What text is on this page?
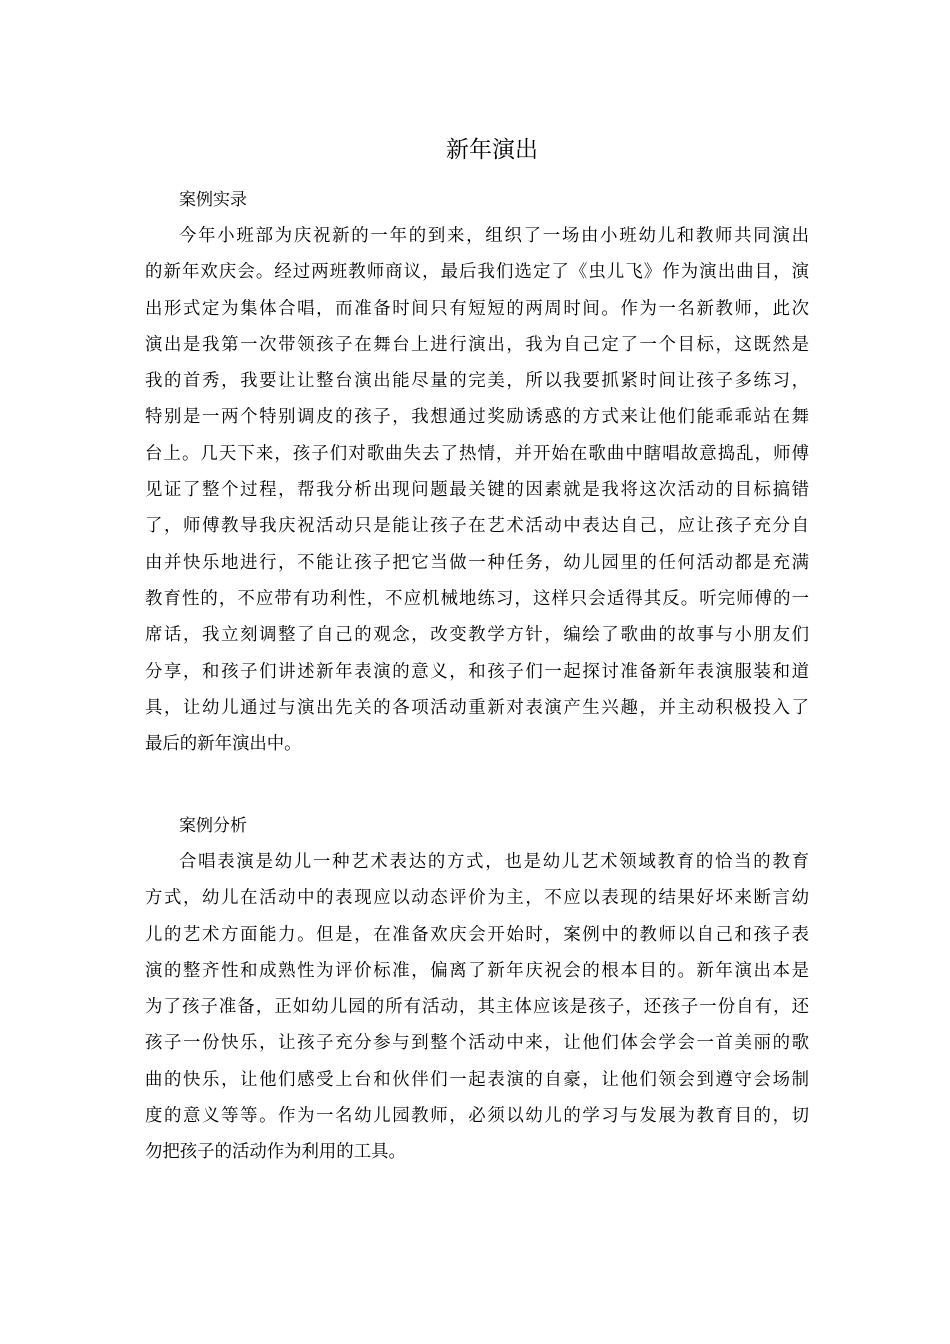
新年演出
案例实录
今年小班部为庆祝新的一年的到来，组织了一场由小班幼儿和教师共同演出
的新年欢庆会。经过两班教师商议，最后我们选定了《虫儿飞》作为演出曲目，演
出形式定为集体合唱，而准备时间只有短短的两周时间。作为一名新教师，此次
演出是我第一次带领孩子在舞台上进行演出，我为自己定了一个目标，这既然是
我的首秀，我要让让整台演出能尽量的完美，所以我要抓紧时间让孩子多练习，
特别是一两个特别调皮的孩子，我想通过奖励诱惑的方式来让他们能乖乖站在舞
台上。几天下来，孩子们对歌曲失去了热情，并开始在歌曲中瞎唱故意捣乱，师傅
见证了整个过程，帮我分析出现问题最关键的因素就是我将这次活动的目标搞错
了，师傅教导我庆祝活动只是能让孩子在艺术活动中表达自己，应让孩子充分自
由并快乐地进行，不能让孩子把它当做一种任务，幼儿园里的任何活动都是充满
教育性的，不应带有功利性，不应机械地练习，这样只会适得其反。听完师傅的一
席话，我立刻调整了自己的观念，改变教学方针，编绘了歌曲的故事与小朋友们
分享，和孩子们讲述新年表演的意义，和孩子们一起探讨准备新年表演服装和道
具，让幼儿通过与演出先关的各项活动重新对表演产生兴趣，并主动积极投入了
最后的新年演出中。
案例分析
合唱表演是幼儿一种艺术表达的方式，也是幼儿艺术领域教育的恰当的教育
方式，幼儿在活动中的表现应以动态评价为主，不应以表现的结果好坏来断言幼
儿的艺术方面能力。但是，在准备欢庆会开始时，案例中的教师以自己和孩子表
演的整齐性和成熟性为评价标准，偏离了新年庆祝会的根本目的。新年演出本是
为了孩子准备，正如幼儿园的所有活动，其主体应该是孩子，还孩子一份自有，还
孩子一份快乐，让孩子充分参与到整个活动中来，让他们体会学会一首美丽的歌
曲的快乐，让他们感受上台和伙伴们一起表演的自豪，让他们领会到遵守会场制
度的意义等等。作为一名幼儿园教师，必须以幼儿的学习与发展为教育目的，切
勿把孩子的活动作为利用的工具。
